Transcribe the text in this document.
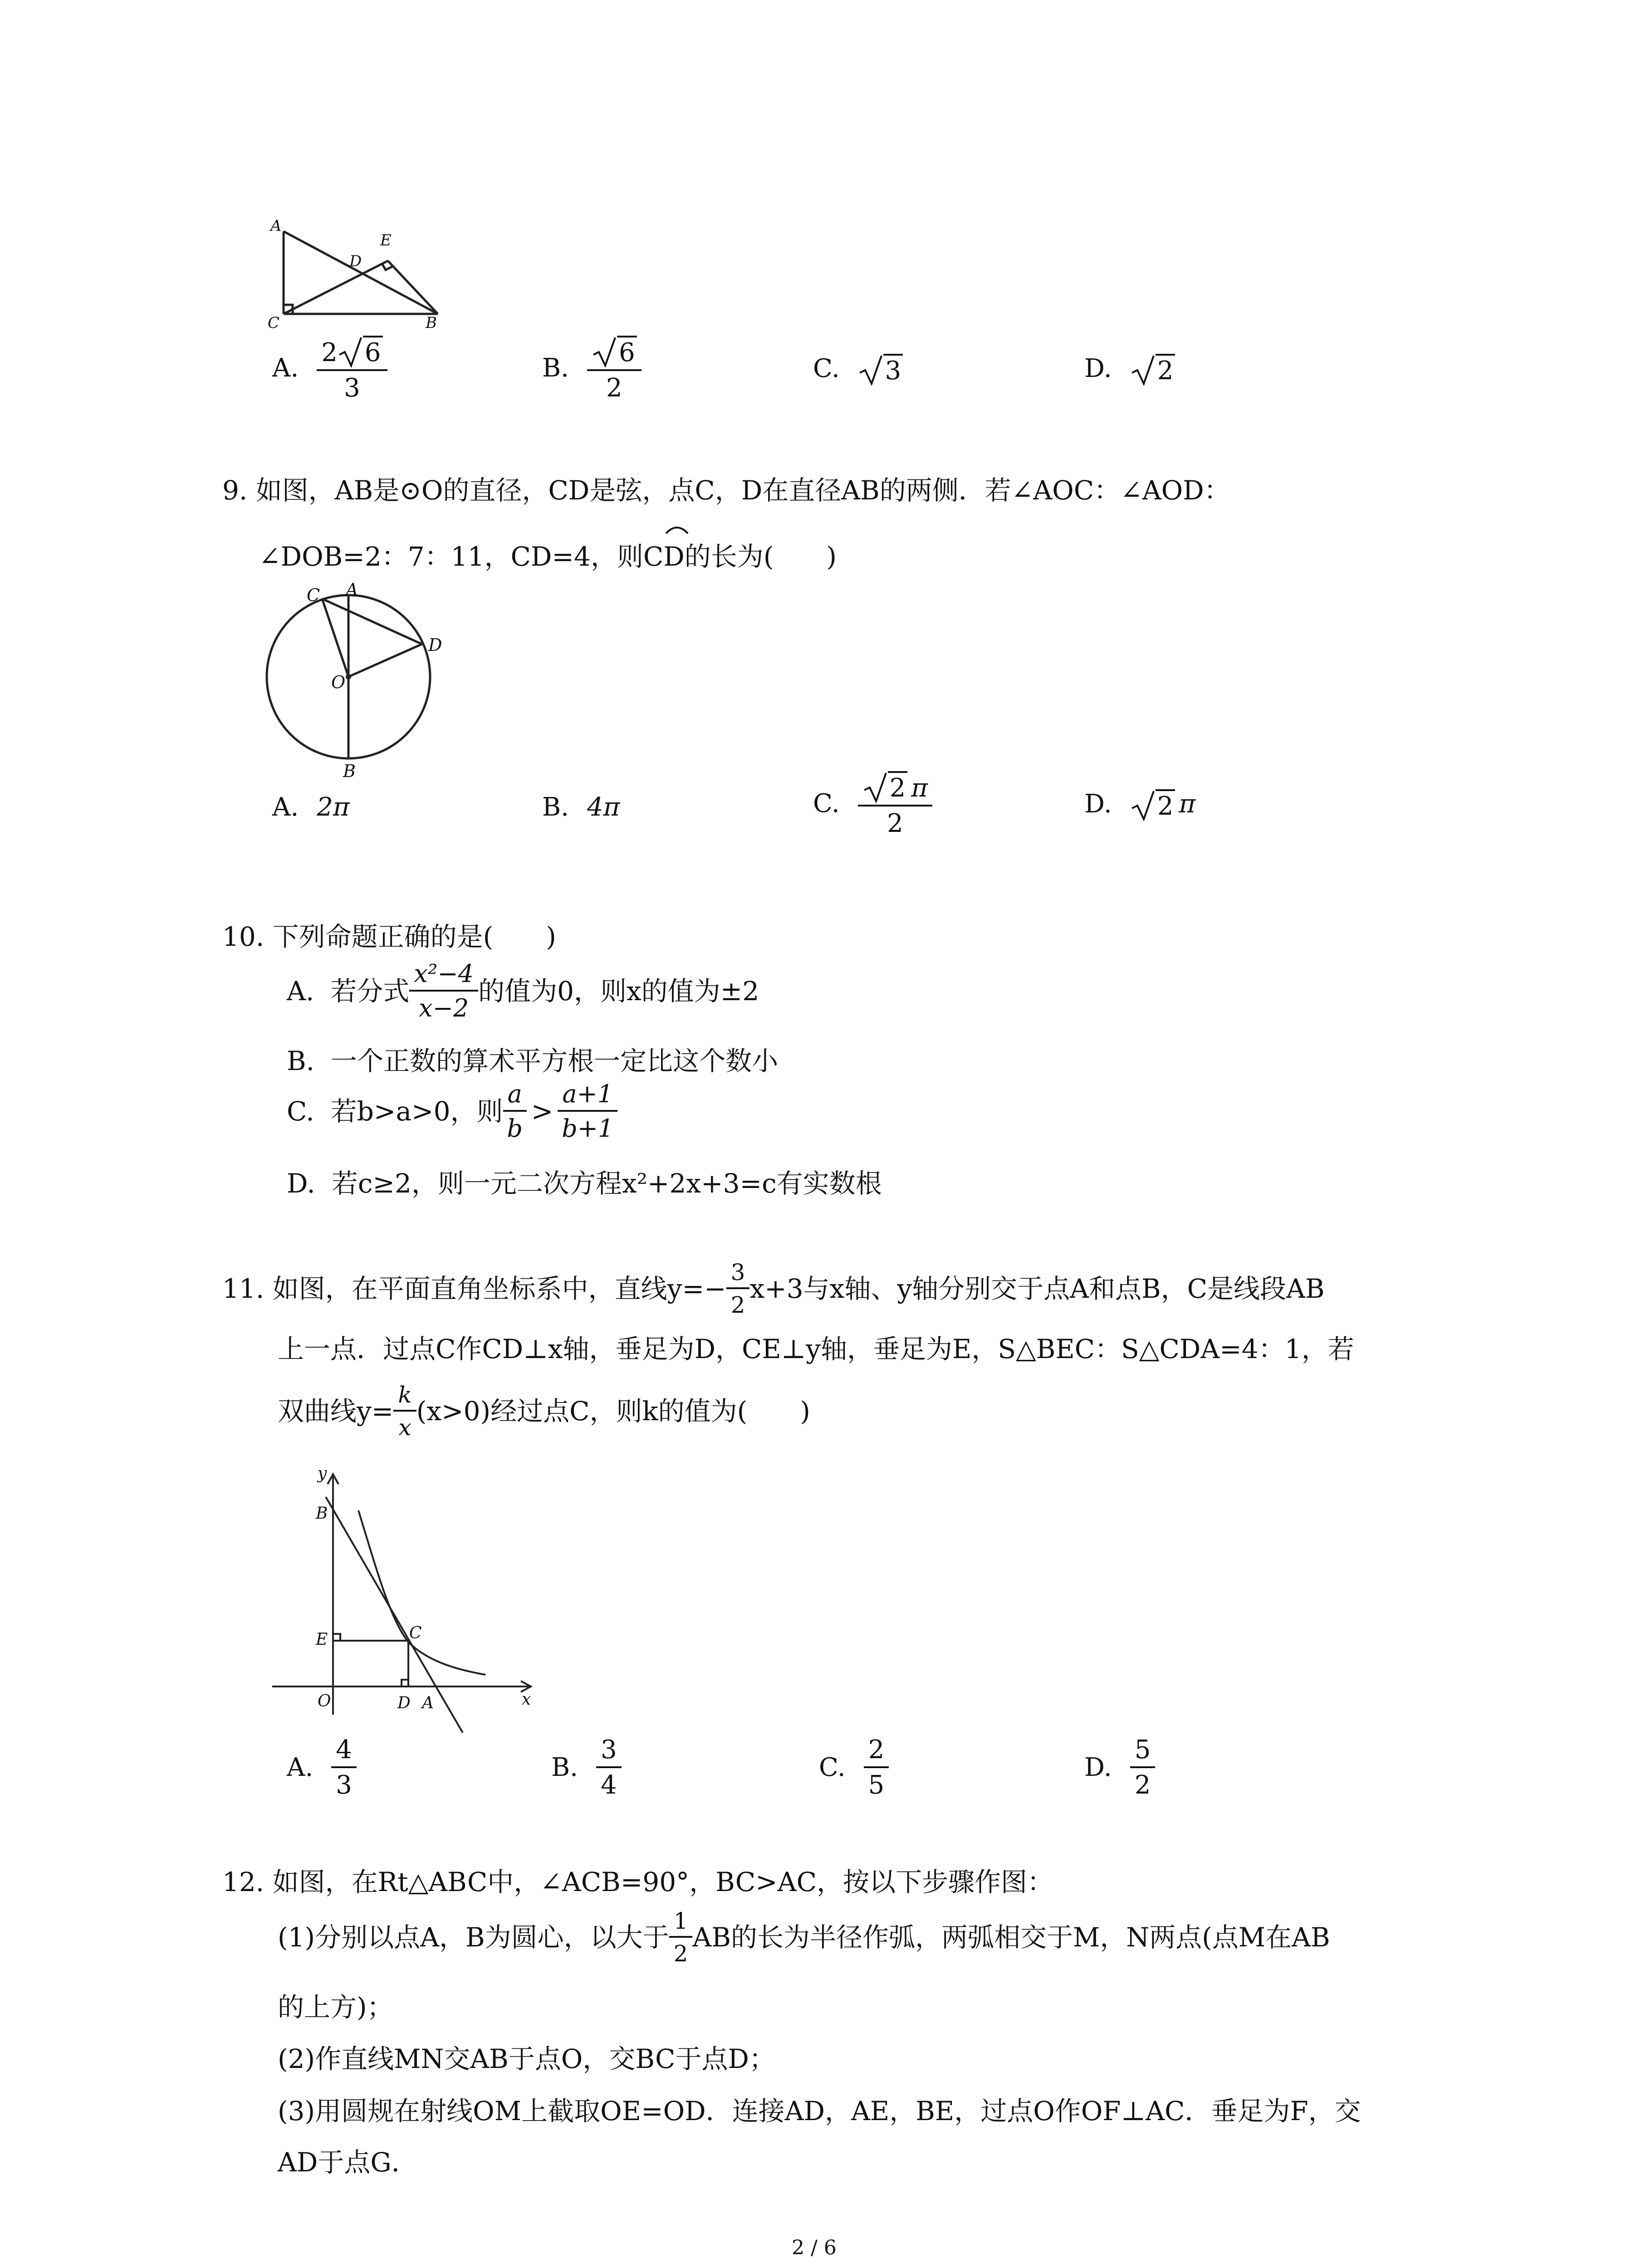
A
E
D
C	B
A. $\frac{2 6}{3}$	B. $\frac{6}{2}$	C.	3	D.	2
9. 如图，AB是⊙O的直径，CD是弦，点C，D在直径AB的两侧．若∠AOC：∠AOD：
∠DOB=2：7：11，CD=4，则CD的长为(　　)
C A
D
O
B
A. 2π	B. 4π	C. $\frac{2 \pi}{2}$	D.	2 π
10. 下列命题正确的是(　　)
A. 若分式 $\frac{\text{x²−4}}{x-2}$ 的值为0，则x的值为±2
B. 一个正数的算术平方根一定比这个数小
C. 若b>a>0，则 $\frac{a}{b} > \frac{a+1}{b+1}$
D. 若c≥2，则一元二次方程x²+2x+3=c有实数根
11. 如图，在平面直角坐标系中，直线$y=- \frac{3}{2} x+3$与x轴、y轴分别交于点A和点B，C是线段AB
上一点．过点C作CD⊥x轴，垂足为D，CE⊥y轴，垂足为E，S△BEC：S△CDA=4：1，若
双曲线$y= \frac{k}{x} (x>0)$经过点C，则k的值为(　　)
y
B
E	C
O	D A	x
A. $\frac{4}{3}$	B. $\frac{3}{4}$	C. $\frac{2}{5}$	D. $\frac{5}{2}$
12. 如图，在Rt△ABC中，∠ACB=90°，BC>AC，按以下步骤作图：
(1)分别以点A，B为圆心，以大于 $\frac{1}{2}$ AB的长为半径作弧，两弧相交于M，N两点(点M在AB
的上方)；
(2)作直线MN交AB于点O，交BC于点D；
(3)用圆规在射线OM上截取OE=OD．连接AD，AE，BE，过点O作OF⊥AC．垂足为F，交
AD于点G．
2 / 6
